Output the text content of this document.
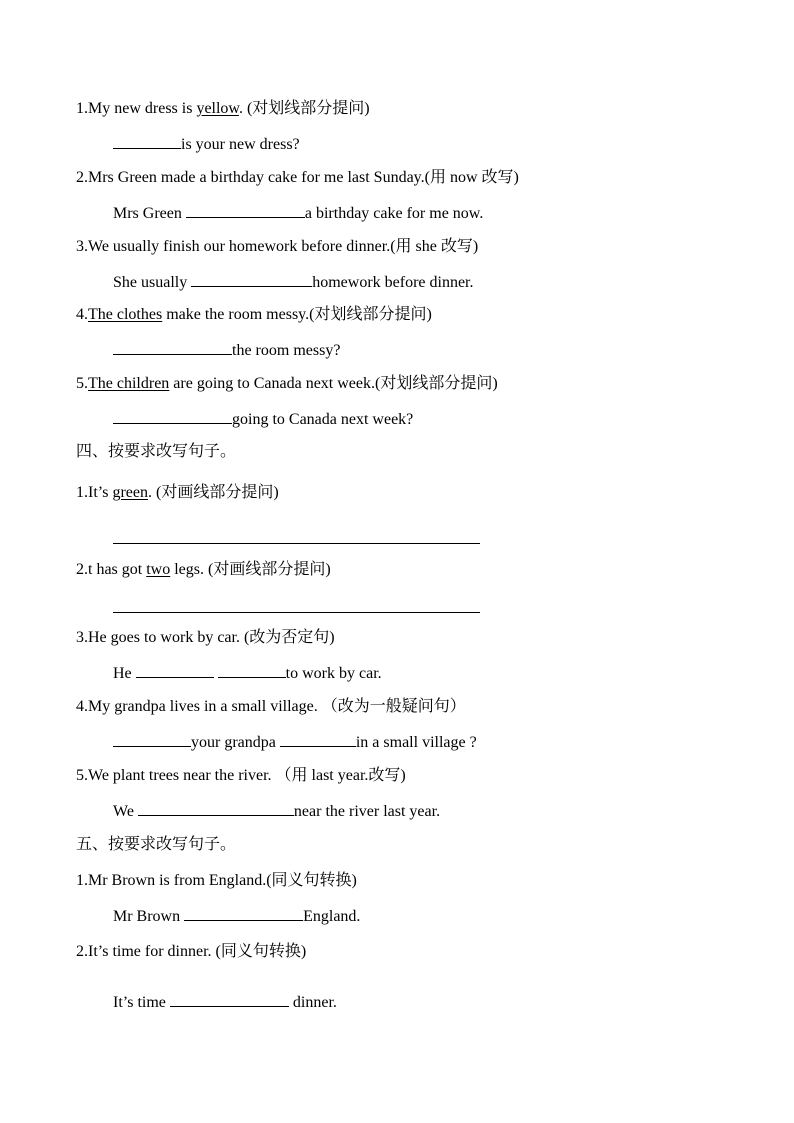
1.My new dress is yellow. (对划线部分提问)
is your new dress?
2.Mrs Green made a birthday cake for me last Sunday.(用 now 改写)
Mrs Green	a birthday cake for me now.
3.We usually finish our homework before dinner.(用 she 改写)
She usually	homework before dinner.
4.The clothes make the room messy.(对划线部分提问)
the room messy?
5.The children are going to Canada next week.(对划线部分提问)
going to Canada next week?
四、按要求改写句子。
1.It’s green. (对画线部分提问)
2.t has got two legs. (对画线部分提问)
3.He goes to work by car. (改为否定句)
He	to work by car.
4.My grandpa lives in a small village. （改为一般疑问句）
your grandpa	in a small village ?
5.We plant trees near the river. （用 last year.改写)
We	near the river last year.
五、按要求改写句子。
1.Mr Brown is from England.(同义句转换)
Mr Brown	England.
2.It’s time for dinner. (同义句转换)
It’s time	dinner.
